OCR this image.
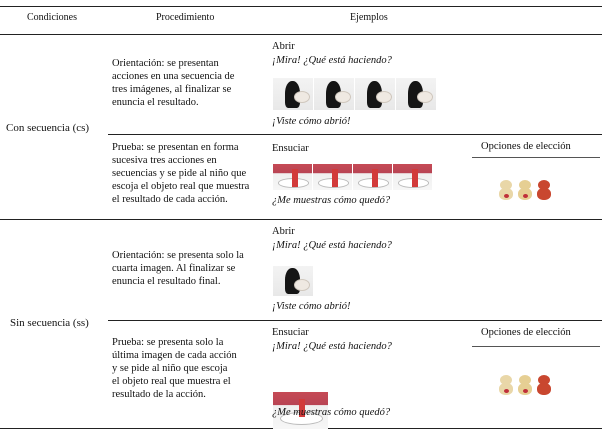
Condiciones	Procedimiento	Ejemplos
Con secuencia (cs)
Orientación: se presentan
acciones en una secuencia de
tres imágenes, al finalizar se
enuncia el resultado.
Abrir
¡Mira! ¿Qué está haciendo?
¡Viste cómo abrió!
Prueba: se presentan en forma
sucesiva tres acciones en
secuencias y se pide al niño que
escoja el objeto real que muestra
el resultado de cada acción.
Ensuciar
¿Me muestras cómo quedó?
Opciones de elección
Sin secuencia (ss)
Orientación: se presenta solo la
cuarta imagen. Al finalizar se
enuncia el resultado final.
Abrir
¡Mira! ¿Qué está haciendo?
¡Viste cómo abrió!
Prueba: se presenta solo la
última imagen de cada acción
y se pide al niño que escoja
el objeto real que muestra el
resultado de la acción.
Ensuciar
¡Mira! ¿Qué está haciendo?
¿Me muestras cómo quedó?
Opciones de elección
